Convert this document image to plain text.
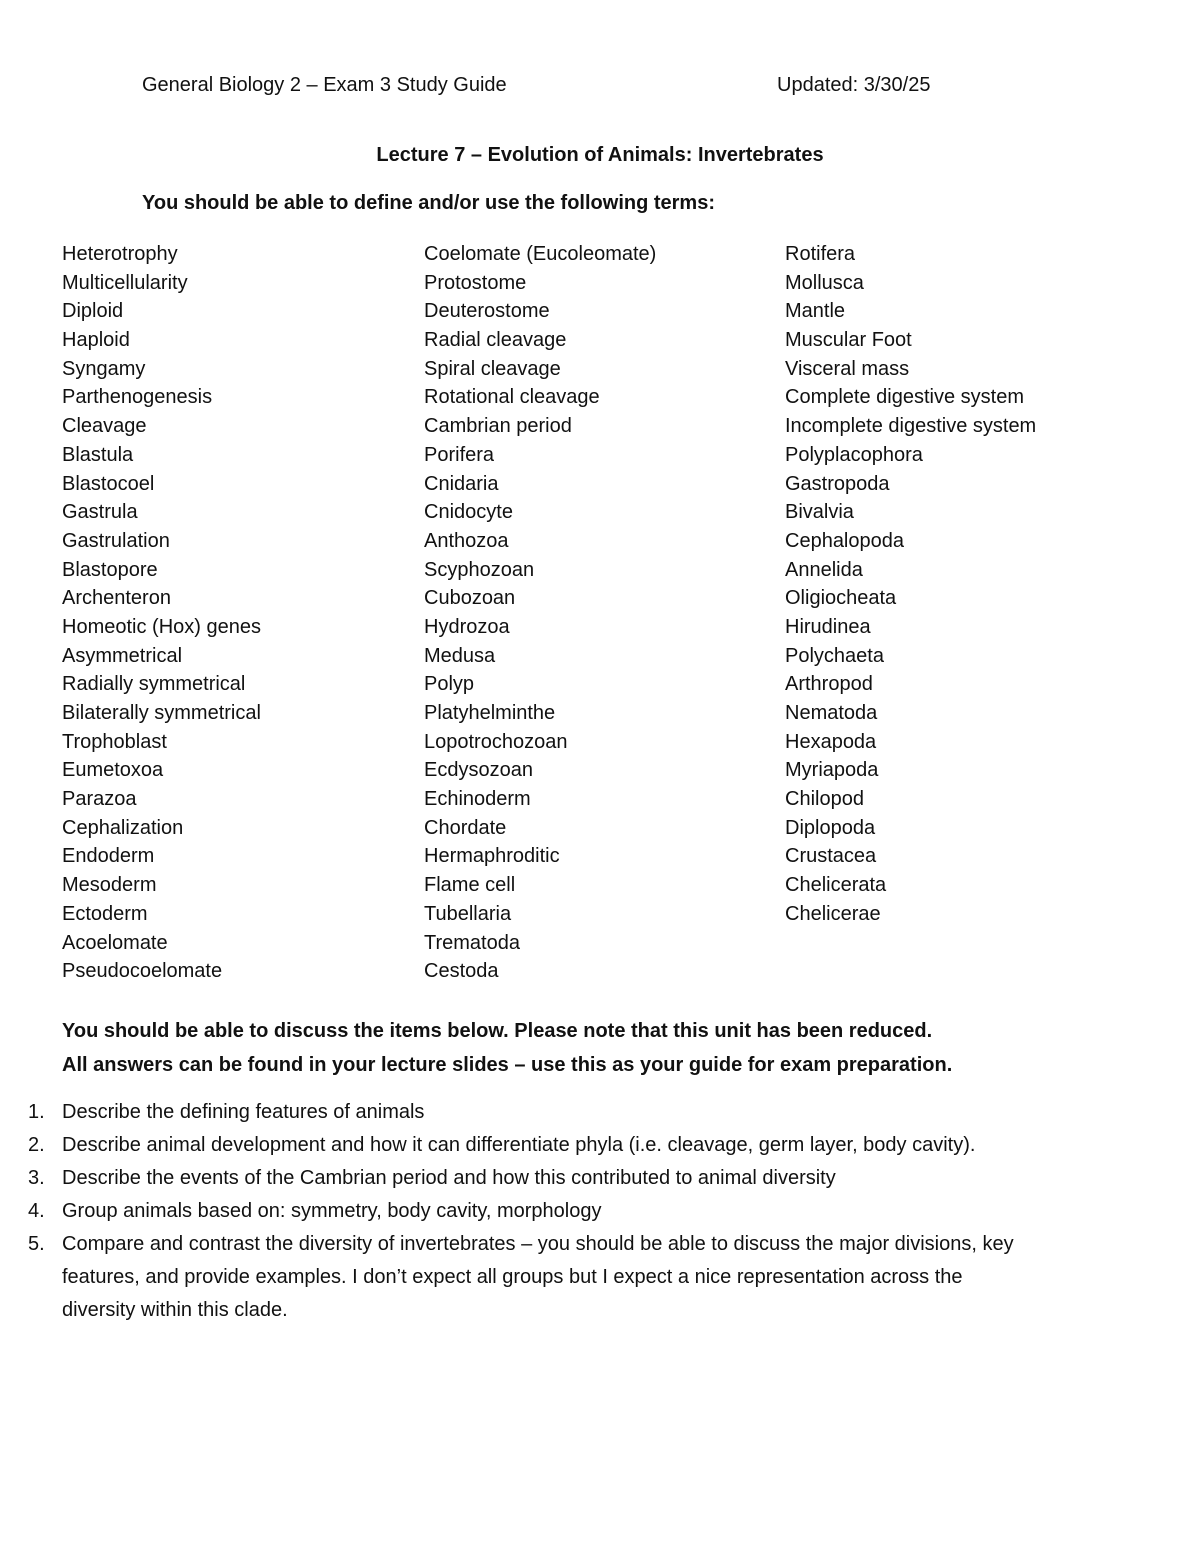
General Biology 2 – Exam 3 Study Guide	Updated: 3/30/25
Lecture 7 – Evolution of Animals: Invertebrates
You should be able to define and/or use the following terms:
Heterotrophy
Multicellularity
Diploid
Haploid
Syngamy
Parthenogenesis
Cleavage
Blastula
Blastocoel
Gastrula
Gastrulation
Blastopore
Archenteron
Homeotic (Hox) genes
Asymmetrical
Radially symmetrical
Bilaterally symmetrical
Trophoblast
Eumetoxoa
Parazoa
Cephalization
Endoderm
Mesoderm
Ectoderm
Acoelomate
Pseudocoelomate
Coelomate (Eucoleomate)
Protostome
Deuterostome
Radial cleavage
Spiral cleavage
Rotational cleavage
Cambrian period
Porifera
Cnidaria
Cnidocyte
Anthozoa
Scyphozoan
Cubozoan
Hydrozoa
Medusa
Polyp
Platyhelminthe
Lopotrochozoan
Ecdysozoan
Echinoderm
Chordate
Hermaphroditic
Flame cell
Tubellaria
Trematoda
Cestoda
Rotifera
Mollusca
Mantle
Muscular Foot
Visceral mass
Complete digestive system
Incomplete digestive system
Polyplacophora
Gastropoda
Bivalvia
Cephalopoda
Annelida
Oligiocheata
Hirudinea
Polychaeta
Arthropod
Nematoda
Hexapoda
Myriapoda
Chilopod
Diplopoda
Crustacea
Chelicerata
Chelicerae
You should be able to discuss the items below. Please note that this unit has been reduced.
All answers can be found in your lecture slides – use this as your guide for exam preparation.
1. Describe the defining features of animals
2. Describe animal development and how it can differentiate phyla (i.e. cleavage, germ layer, body cavity).
3. Describe the events of the Cambrian period and how this contributed to animal diversity
4. Group animals based on: symmetry, body cavity, morphology
5. Compare and contrast the diversity of invertebrates – you should be able to discuss the major divisions, key features, and provide examples. I don’t expect all groups but I expect a nice representation across the diversity within this clade.
